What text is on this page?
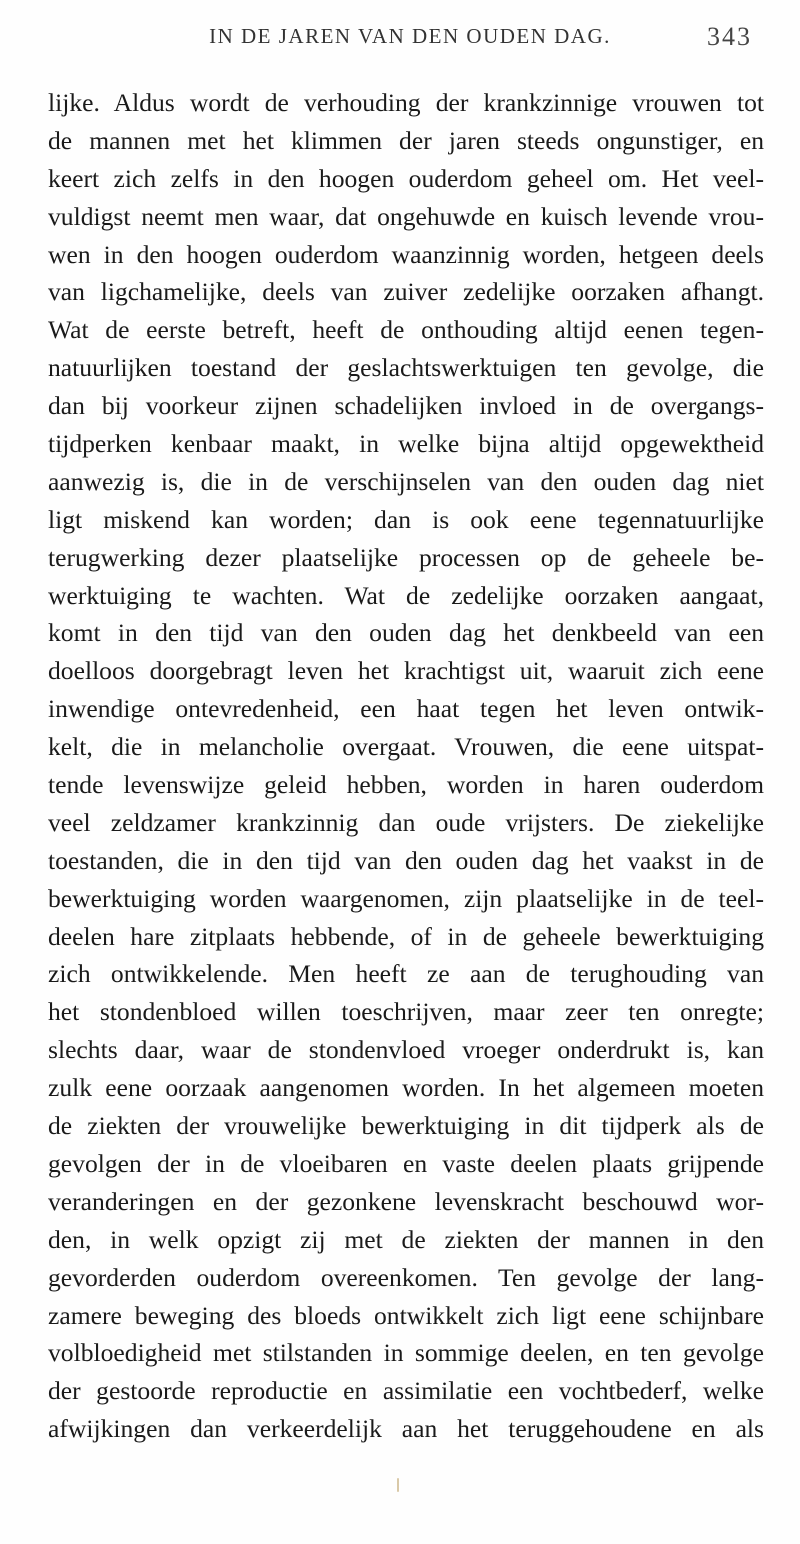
IN DE JAREN VAN DEN OUDEN DAG.	343
lijke. Aldus wordt de verhouding der krankzinnige vrouwen tot
de mannen met het klimmen der jaren steeds ongunstiger, en
keert zich zelfs in den hoogen ouderdom geheel om. Het veel-
vuldigst neemt men waar, dat ongehuwde en kuisch levende vrou-
wen in den hoogen ouderdom waanzinnig worden, hetgeen deels
van ligchamelijke, deels van zuiver zedelijke oorzaken afhangt.
Wat de eerste betreft, heeft de onthouding altijd eenen tegen-
natuurlijken toestand der geslachtswerktuigen ten gevolge, die
dan bij voorkeur zijnen schadelijken invloed in de overgangs-
tijdperken kenbaar maakt, in welke bijna altijd opgewektheid
aanwezig is, die in de verschijnselen van den ouden dag niet
ligt miskend kan worden; dan is ook eene tegennatuurlijke
terugwerking dezer plaatselijke processen op de geheele be-
werktuiging te wachten. Wat de zedelijke oorzaken aangaat,
komt in den tijd van den ouden dag het denkbeeld van een
doelloos doorgebragt leven het krachtigst uit, waaruit zich eene
inwendige ontevredenheid, een haat tegen het leven ontwik-
kelt, die in melancholie overgaat. Vrouwen, die eene uitspat-
tende levenswijze geleid hebben, worden in haren ouderdom
veel zeldzamer krankzinnig dan oude vrijsters. De ziekelijke
toestanden, die in den tijd van den ouden dag het vaakst in de
bewerktuiging worden waargenomen, zijn plaatselijke in de teel-
deelen hare zitplaats hebbende, of in de geheele bewerktuiging
zich ontwikkelende. Men heeft ze aan de terughouding van
het stondenbloed willen toeschrijven, maar zeer ten onregte;
slechts daar, waar de stondenvloed vroeger onderdrukt is, kan
zulk eene oorzaak aangenomen worden. In het algemeen moeten
de ziekten der vrouwelijke bewerktuiging in dit tijdperk als de
gevolgen der in de vloeibaren en vaste deelen plaats grijpende
veranderingen en der gezonkene levenskracht beschouwd wor-
den, in welk opzigt zij met de ziekten der mannen in den
gevorderden ouderdom overeenkomen. Ten gevolge der lang-
zamere beweging des bloeds ontwikkelt zich ligt eene schijnbare
volbloedigheid met stilstanden in sommige deelen, en ten gevolge
der gestoorde reproductie en assimilatie een vochtbederf, welke
afwijkingen dan verkeerdelijk aan het teruggehoudene en als
